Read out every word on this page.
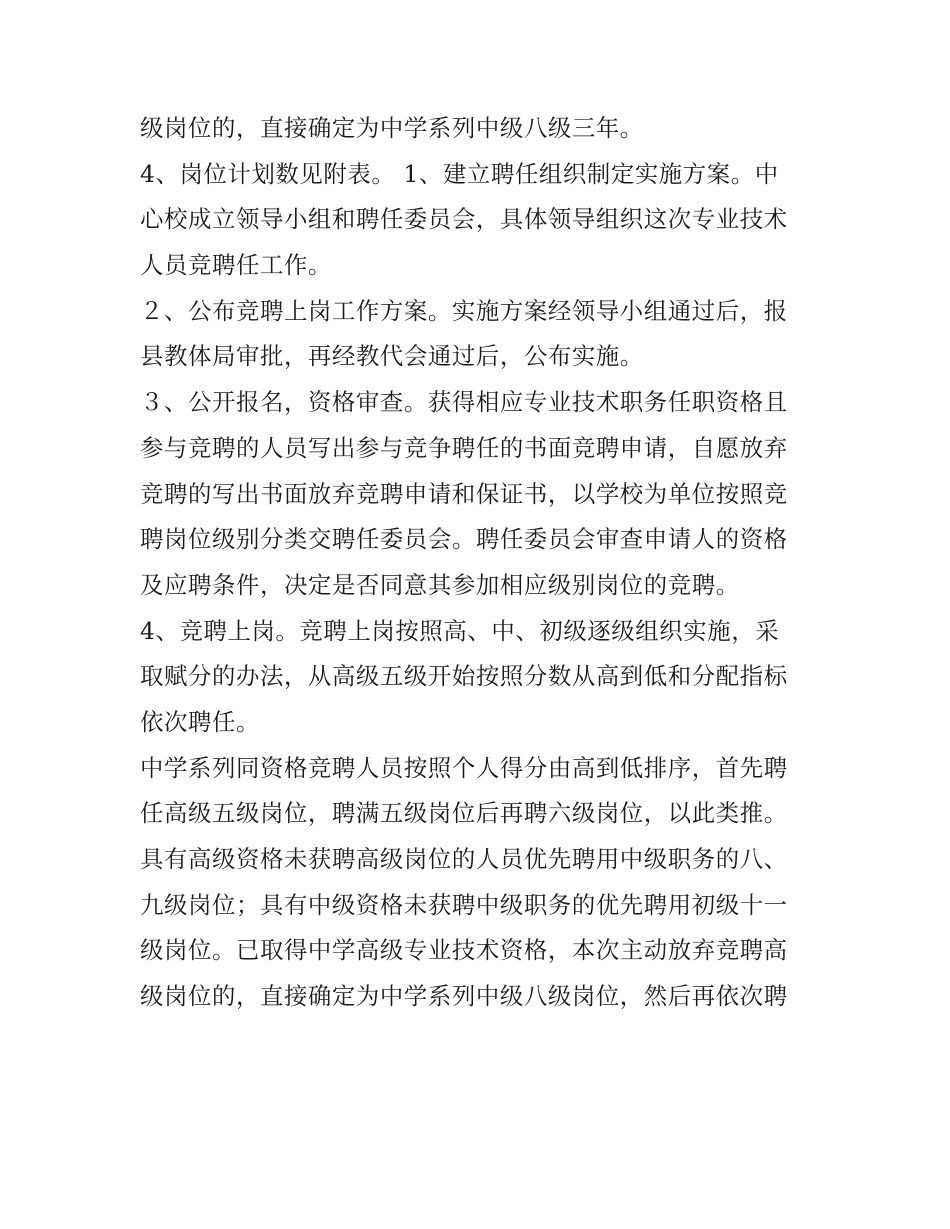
级岗位的，直接确定为中学系列中级八级三年。
4、岗位计划数见附表。 1、建立聘任组织制定实施方案。中
心校成立领导小组和聘任委员会，具体领导组织这次专业技术
人员竞聘任工作。
２、公布竞聘上岗工作方案。实施方案经领导小组通过后，报
县教体局审批，再经教代会通过后，公布实施。
３、公开报名，资格审查。获得相应专业技术职务任职资格且
参与竞聘的人员写出参与竞争聘任的书面竞聘申请，自愿放弃
竞聘的写出书面放弃竞聘申请和保证书，以学校为单位按照竞
聘岗位级别分类交聘任委员会。聘任委员会审查申请人的资格
及应聘条件，决定是否同意其参加相应级别岗位的竞聘。
4、竞聘上岗。竞聘上岗按照高、中、初级逐级组织实施，采
取赋分的办法，从高级五级开始按照分数从高到低和分配指标
依次聘任。
中学系列同资格竞聘人员按照个人得分由高到低排序，首先聘
任高级五级岗位，聘满五级岗位后再聘六级岗位，以此类推。
具有高级资格未获聘高级岗位的人员优先聘用中级职务的八、
九级岗位；具有中级资格未获聘中级职务的优先聘用初级十一
级岗位。已取得中学高级专业技术资格，本次主动放弃竞聘高
级岗位的，直接确定为中学系列中级八级岗位，然后再依次聘
